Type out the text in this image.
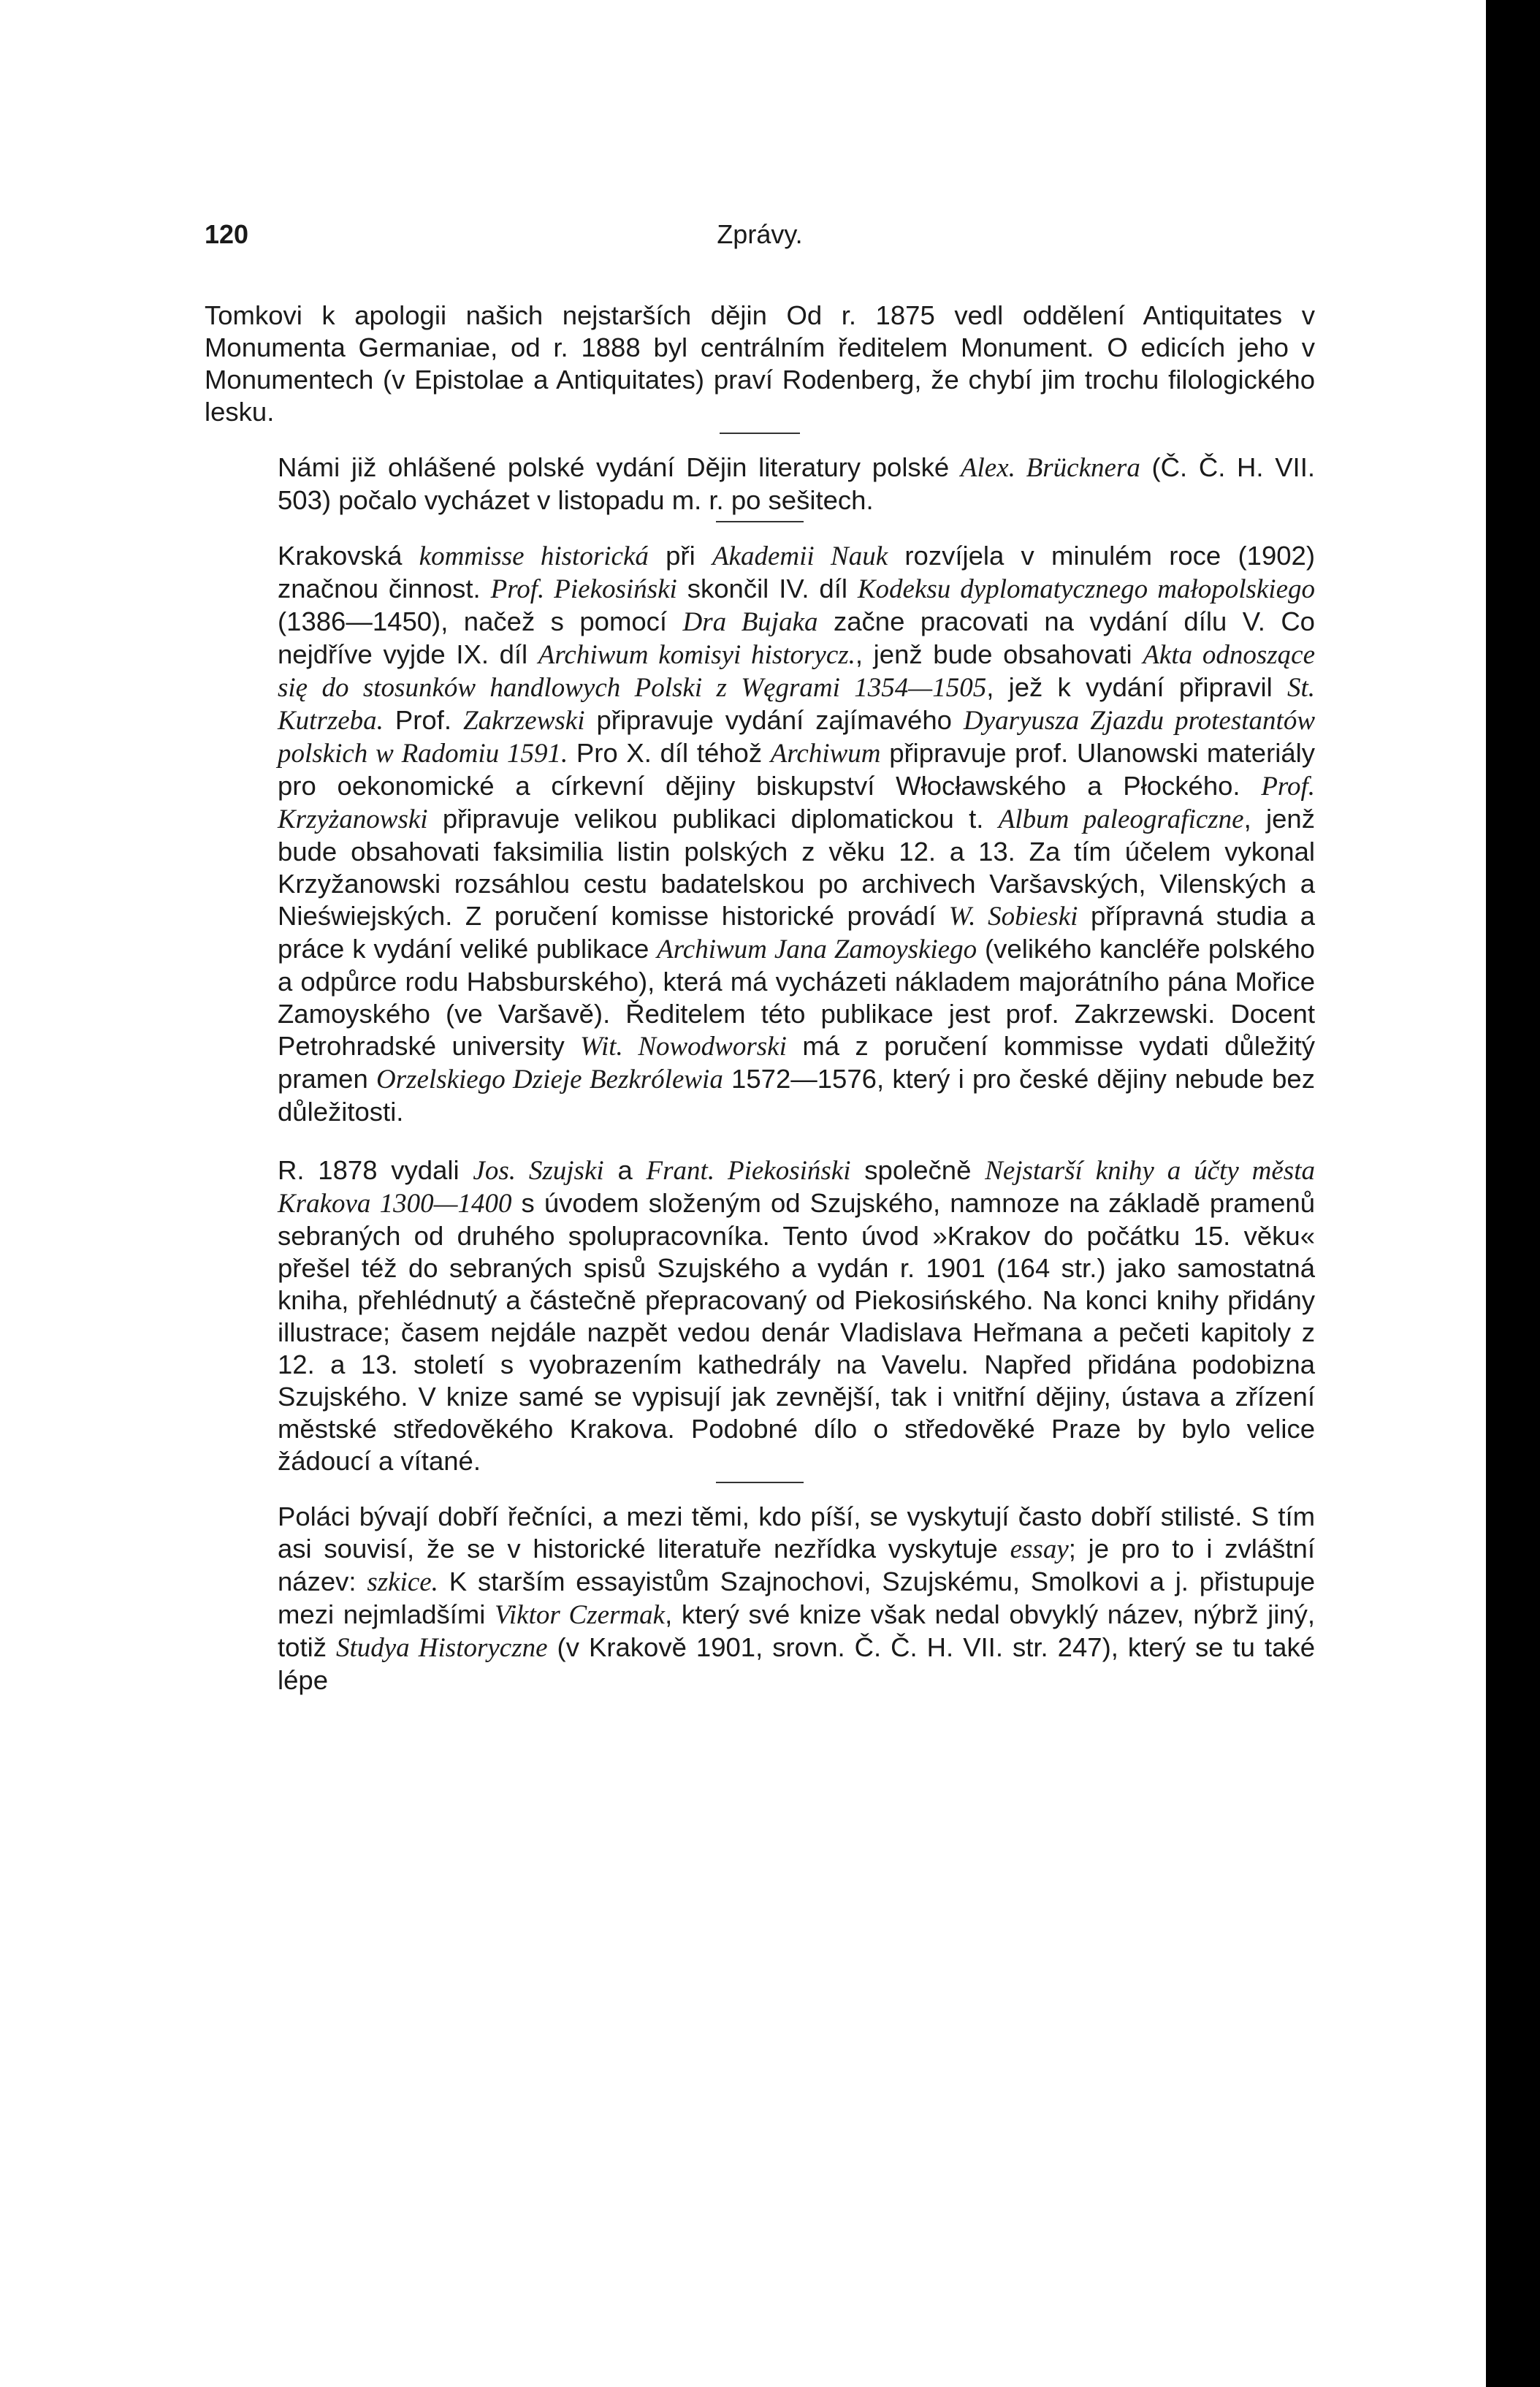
120	Zprávy.

Tomkovi k apologii našich nejstarších dějin Od r. 1875 vedl oddělení Antiquitates v Monumenta Germaniae, od r. 1888 byl centrálním ředitelem Monument. O edicích jeho v Monumentech (v Epistolae a Antiquitates) praví Rodenberg, že chybí jim trochu filologického lesku.

Námi již ohlášené polské vydání Dějin literatury polské Alex. Brücknera (Č. Č. H. VII. 503) počalo vycházet v listopadu m. r. po sešitech.

Krakovská kommisse historická při Akademii Nauk rozvíjela v minulém roce (1902) značnou činnost. Prof. Piekosiński skončil IV. díl Kodeksu dyplomatycznego małopolskiego (1386—1450), načež s pomocí Dra Bujaka začne pracovati na vydání dílu V. Co nejdříve vyjde IX. díl Archiwum komisyi historycz., jenž bude obsahovati Akta odnoszące się do stosunków handlowych Polski z Węgrami 1354—1505, jež k vydání připravil St. Kutrzeba. Prof. Zakrzewski připravuje vydání zajímavého Dyaryusza Zjazdu protestantów polskich w Radomiu 1591. Pro X. díl téhož Archiwum připravuje prof. Ulanowski materiály pro oekonomické a církevní dějiny biskupství Włocławského a Płockého. Prof. Krzyżanowski připravuje velikou publikaci diplomatickou t. Album paleograficzne, jenž bude obsahovati faksimilia listin polských z věku 12. a 13. Za tím účelem vykonal Krzyžanowski rozsáhlou cestu badatelskou po archivech Varšavských, Vilenských a Nieświejských. Z poručení komisse historické provádí W. Sobieski přípravná studia a práce k vydání veliké publikace Archiwum Jana Zamoyskiego (velikého kancléře polského a odpůrce rodu Habsburského), která má vycházeti nákladem majorátního pána Mořice Zamoyského (ve Varšavě). Ředitelem této publikace jest prof. Zakrzewski. Docent Petrohradské university Wit. Nowodworski má z poručení kommisse vydati důležitý pramen Orzelskiego Dzieje Bezkrólewia 1572—1576, který i pro české dějiny nebude bez důležitosti.

R. 1878 vydali Jos. Szujski a Frant. Piekosiński společně Nejstarší knihy a účty města Krakova 1300—1400 s úvodem složeným od Szujského, namnoze na základě pramenů sebraných od druhého spolupracovníka. Tento úvod »Krakov do počátku 15. věku« přešel též do sebraných spisů Szujského a vydán r. 1901 (164 str.) jako samostatná kniha, přehlédnutý a částečně přepracovaný od Piekosińského. Na konci knihy přidány illustrace; časem nejdále nazpět vedou denár Vladislava Heřmana a pečeti kapitoly z 12. a 13. století s vyobrazením kathedrály na Vavelu. Napřed přidána podobizna Szujského. V knize samé se vypisují jak zevnější, tak i vnitřní dějiny, ústava a zřízení městské středověkého Krakova. Podobné dílo o středověké Praze by bylo velice žádoucí a vítané.

Poláci bývají dobří řečníci, a mezi těmi, kdo píší, se vyskytují často dobří stilisté. S tím asi souvisí, že se v historické literatuře nezřídka vyskytuje essay; je pro to i zvláštní název: szkice. K starším essayistům Szajnochovi, Szujskému, Smolkovi a j. přistupuje mezi nejmladšími Viktor Czermak, který své knize však nedal obvyklý název, nýbrž jiný, totiž Studya Historyczne (v Krakově 1901, srovn. Č. Č. H. VII. str. 247), který se tu také lépe
